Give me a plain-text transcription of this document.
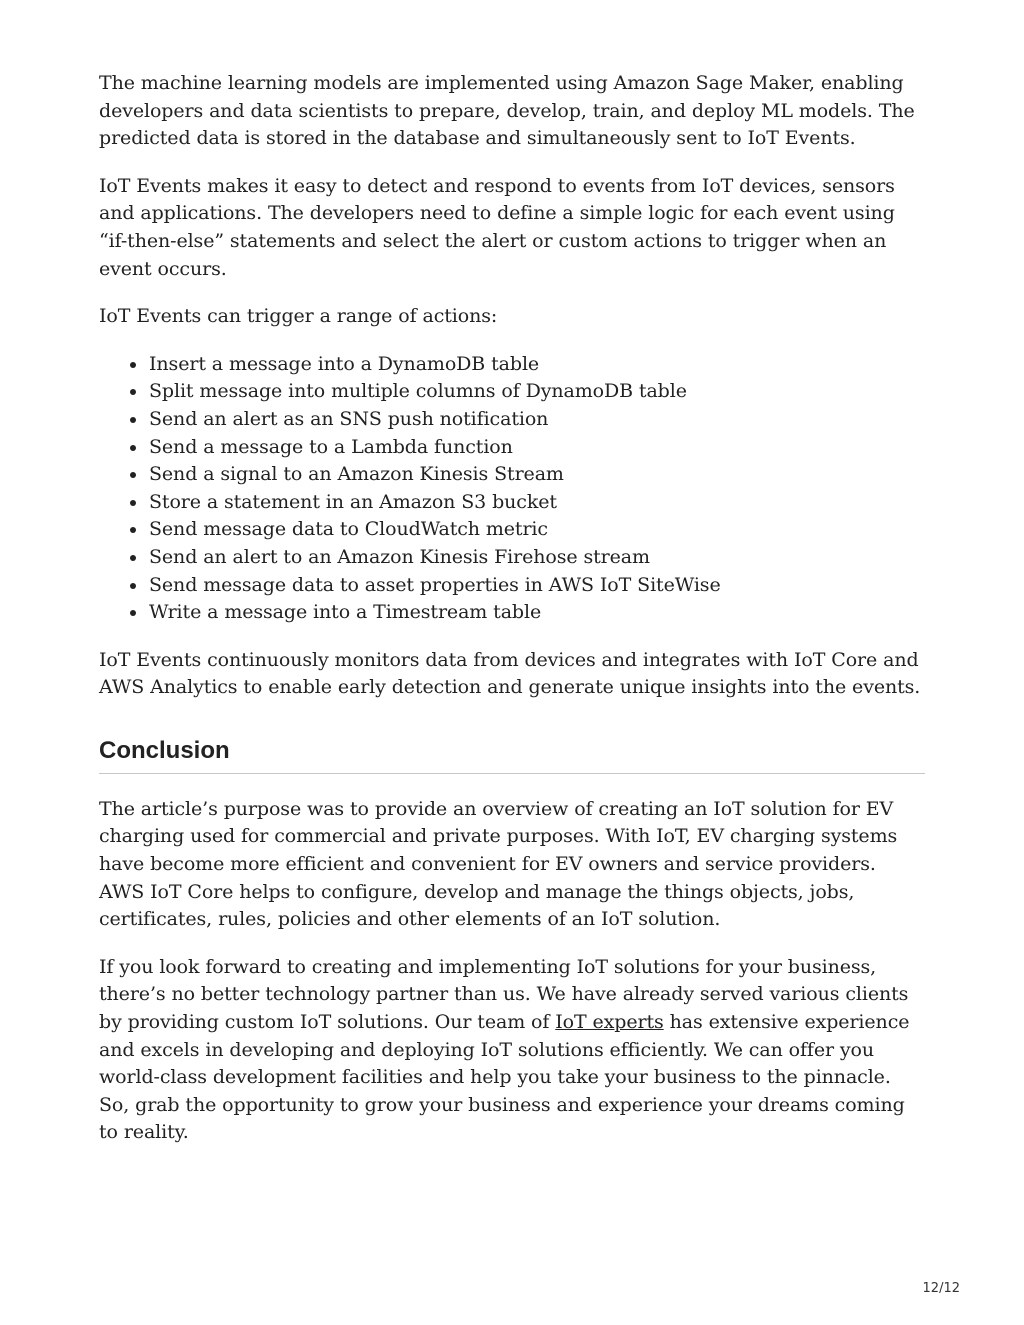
The machine learning models are implemented using Amazon Sage Maker, enabling developers and data scientists to prepare, develop, train, and deploy ML models. The predicted data is stored in the database and simultaneously sent to IoT Events.

IoT Events makes it easy to detect and respond to events from IoT devices, sensors and applications. The developers need to define a simple logic for each event using “if-then-else” statements and select the alert or custom actions to trigger when an event occurs.

IoT Events can trigger a range of actions:

Insert a message into a DynamoDB table
Split message into multiple columns of DynamoDB table
Send an alert as an SNS push notification
Send a message to a Lambda function
Send a signal to an Amazon Kinesis Stream
Store a statement in an Amazon S3 bucket
Send message data to CloudWatch metric
Send an alert to an Amazon Kinesis Firehose stream
Send message data to asset properties in AWS IoT SiteWise
Write a message into a Timestream table

IoT Events continuously monitors data from devices and integrates with IoT Core and AWS Analytics to enable early detection and generate unique insights into the events.

Conclusion

The article’s purpose was to provide an overview of creating an IoT solution for EV charging used for commercial and private purposes. With IoT, EV charging systems have become more efficient and convenient for EV owners and service providers. AWS IoT Core helps to configure, develop and manage the things objects, jobs, certificates, rules, policies and other elements of an IoT solution.

If you look forward to creating and implementing IoT solutions for your business, there’s no better technology partner than us. We have already served various clients by providing custom IoT solutions. Our team of IoT experts has extensive experience and excels in developing and deploying IoT solutions efficiently. We can offer you world-class development facilities and help you take your business to the pinnacle. So, grab the opportunity to grow your business and experience your dreams coming to reality.

12/12
